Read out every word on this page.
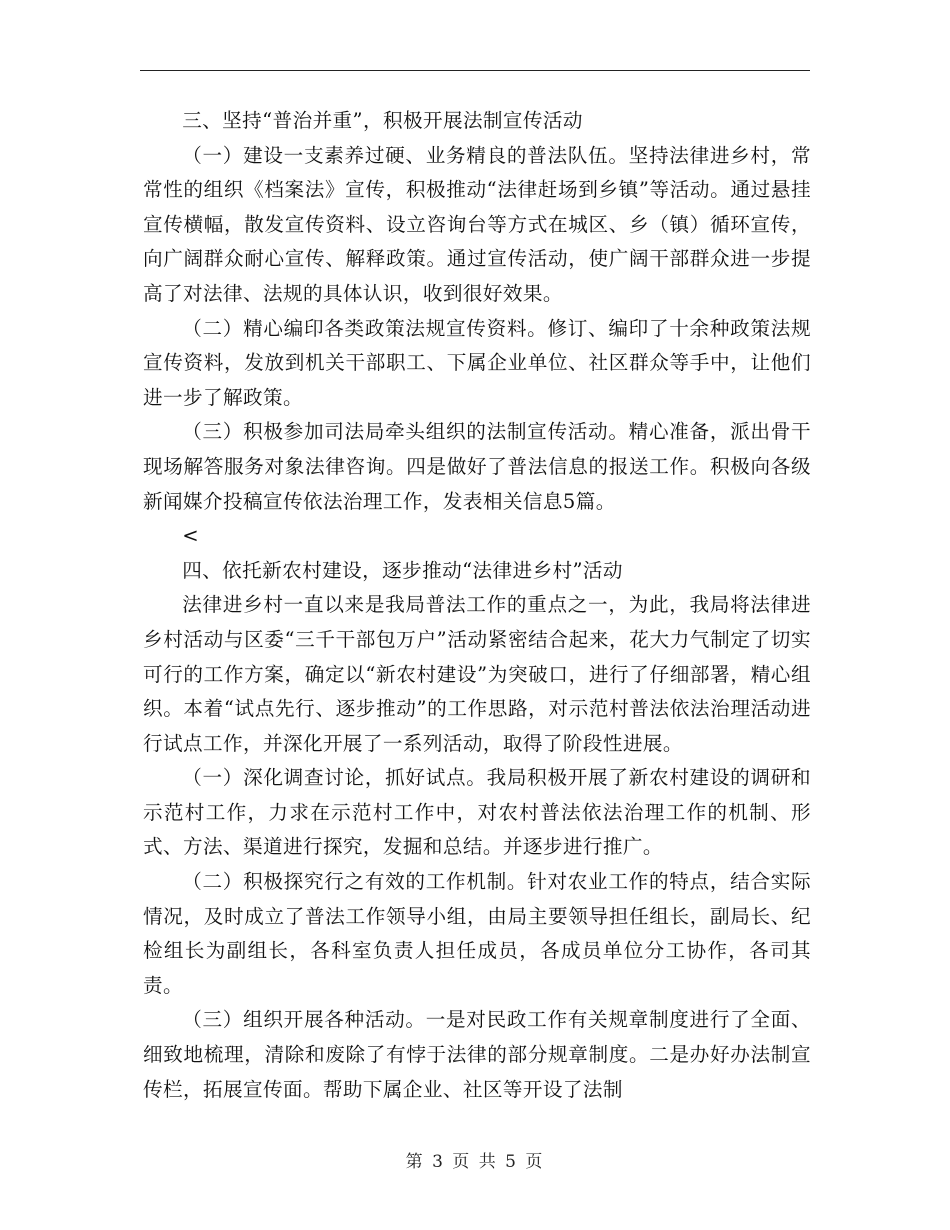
三、坚持“普治并重”，积极开展法制宣传活动

（一）建设一支素养过硬、业务精良的普法队伍。坚持法律进乡村，常常性的组织《档案法》宣传，积极推动“法律赶场到乡镇”等活动。通过悬挂宣传横幅，散发宣传资料、设立咨询台等方式在城区、乡（镇）循环宣传，向广阔群众耐心宣传、解释政策。通过宣传活动，使广阔干部群众进一步提高了对法律、法规的具体认识，收到很好效果。

（二）精心编印各类政策法规宣传资料。修订、编印了十余种政策法规宣传资料，发放到机关干部职工、下属企业单位、社区群众等手中，让他们进一步了解政策。

（三）积极参加司法局牵头组织的法制宣传活动。精心准备，派出骨干现场解答服务对象法律咨询。四是做好了普法信息的报送工作。积极向各级新闻媒介投稿宣传依法治理工作，发表相关信息5篇。

<

四、依托新农村建设，逐步推动“法律进乡村”活动

法律进乡村一直以来是我局普法工作的重点之一，为此，我局将法律进乡村活动与区委“三千干部包万户”活动紧密结合起来，花大力气制定了切实可行的工作方案，确定以“新农村建设”为突破口，进行了仔细部署，精心组织。本着“试点先行、逐步推动”的工作思路，对示范村普法依法治理活动进行试点工作，并深化开展了一系列活动，取得了阶段性进展。

（一）深化调查讨论，抓好试点。我局积极开展了新农村建设的调研和示范村工作，力求在示范村工作中，对农村普法依法治理工作的机制、形式、方法、渠道进行探究，发掘和总结。并逐步进行推广。

（二）积极探究行之有效的工作机制。针对农业工作的特点，结合实际情况，及时成立了普法工作领导小组，由局主要领导担任组长，副局长、纪检组长为副组长，各科室负责人担任成员，各成员单位分工协作，各司其责。

（三）组织开展各种活动。一是对民政工作有关规章制度进行了全面、细致地梳理，清除和废除了有悖于法律的部分规章制度。二是办好办法制宣传栏，拓展宣传面。帮助下属企业、社区等开设了法制

第 3 页 共 5 页
